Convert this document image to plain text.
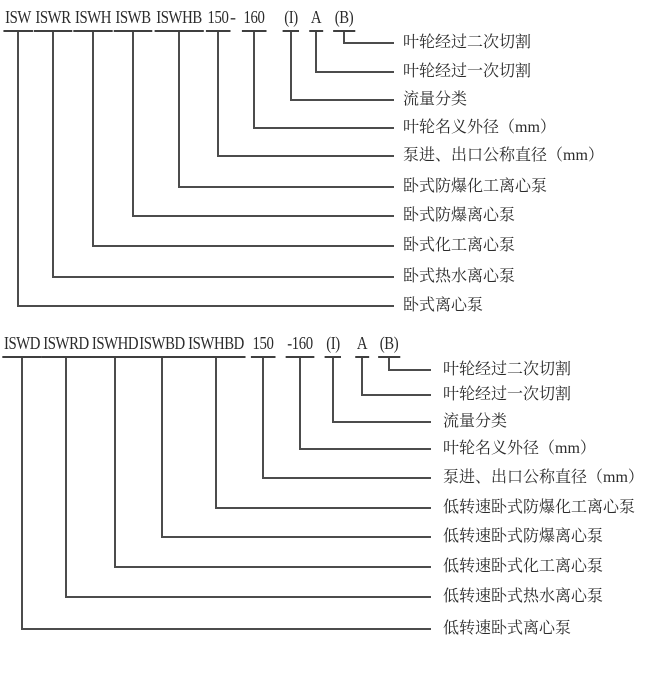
ISW
卧式离心泵
ISWR
卧式热水离心泵
ISWH
卧式化工离心泵
ISWB
卧式防爆离心泵
ISWHB
卧式防爆化工离心泵
150
泵进、出口公称直径（mm）
160
叶轮名义外径（mm）
(I)
流量分类
A
叶轮经过一次切割
(B)
叶轮经过二次切割
-
ISWD
低转速卧式离心泵
ISWRD
低转速卧式热水离心泵
ISWHD
低转速卧式化工离心泵
ISWBD
低转速卧式防爆离心泵
ISWHBD
低转速卧式防爆化工离心泵
150
泵进、出口公称直径（mm）
-160
叶轮名义外径（mm）
(I)
流量分类
A
叶轮经过一次切割
(B)
叶轮经过二次切割
